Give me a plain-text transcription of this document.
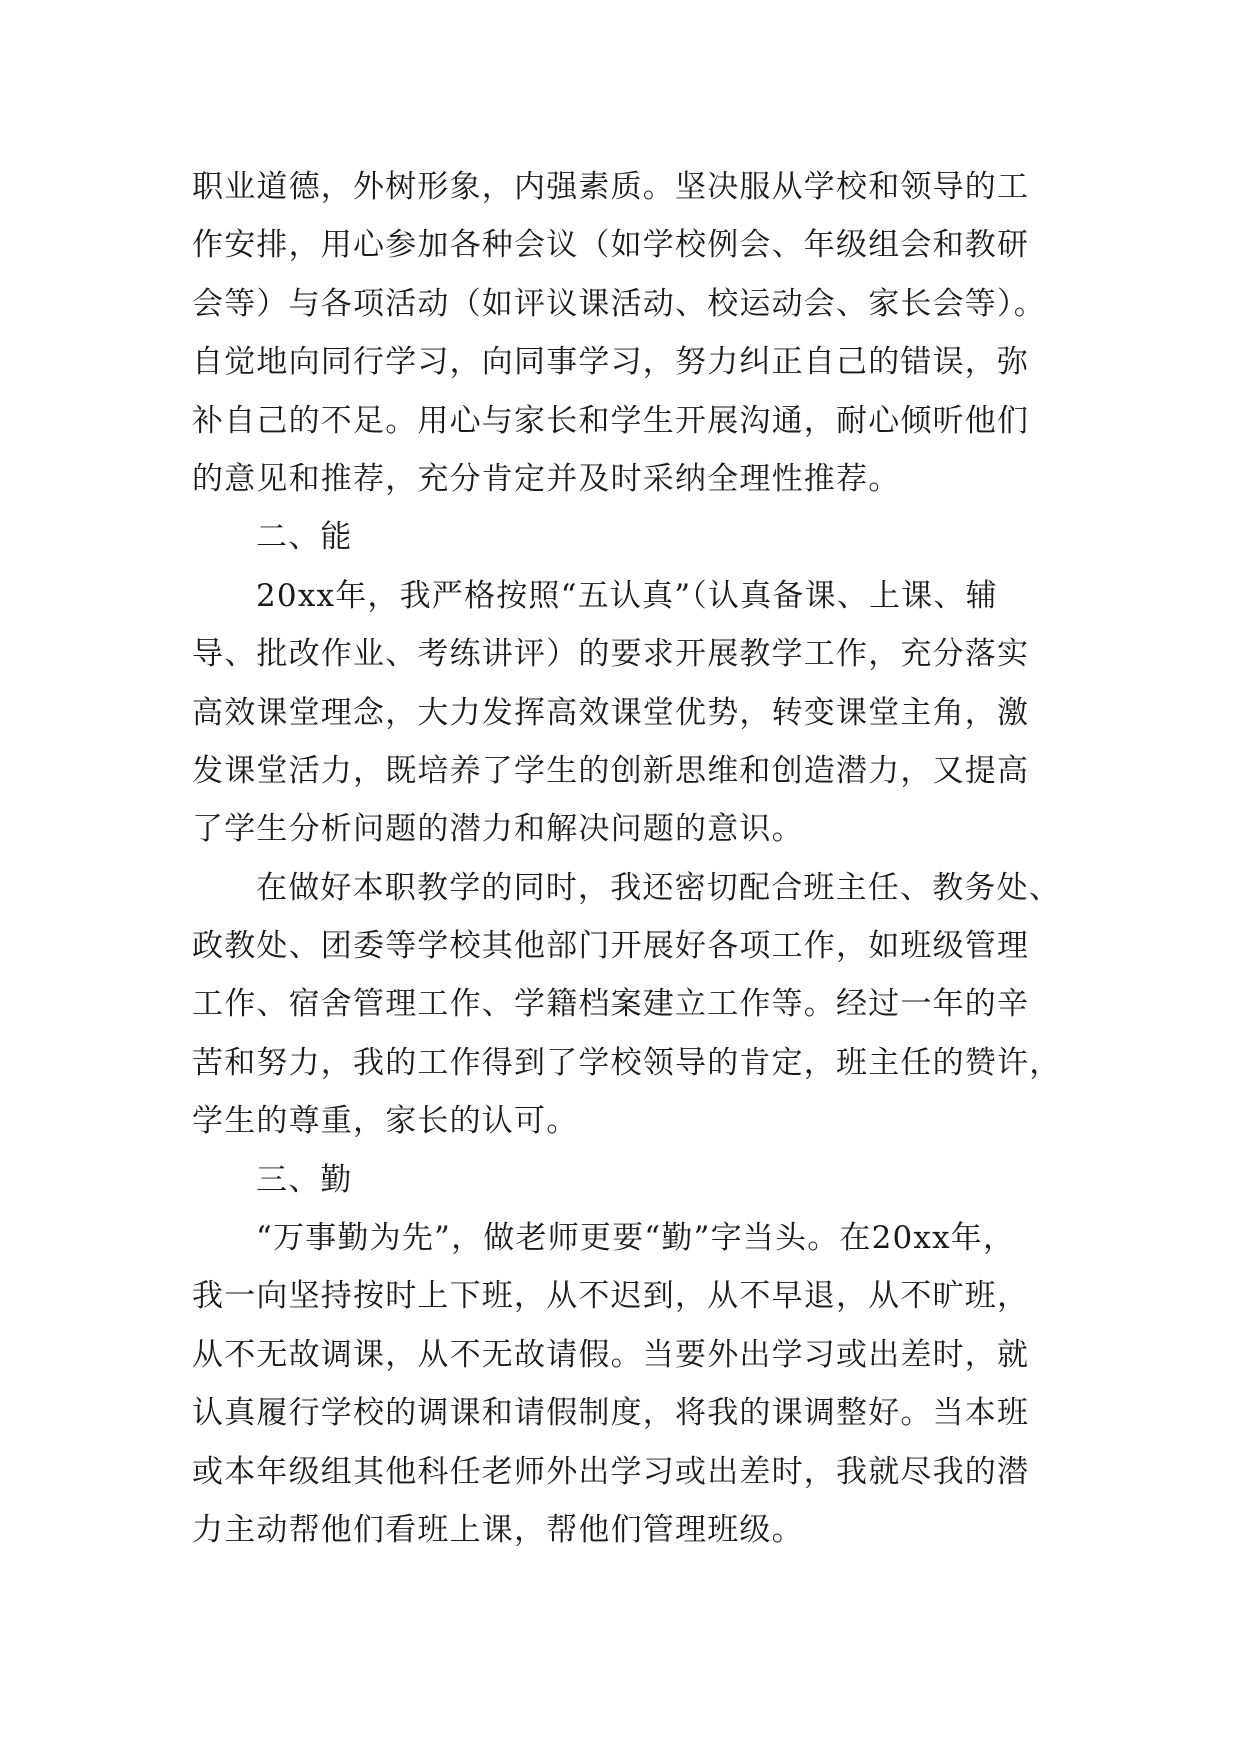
职业道德，外树形象，内强素质。坚决服从学校和领导的工
作安排，用心参加各种会议（如学校例会、年级组会和教研
会等）与各项活动（如评议课活动、校运动会、家长会等）。
自觉地向同行学习，向同事学习，努力纠正自己的错误，弥
补自己的不足。用心与家长和学生开展沟通，耐心倾听他们
的意见和推荐，充分肯定并及时采纳全理性推荐。
二、能
20xx年，我严格按照“五认真”（认真备课、上课、辅
导、批改作业、考练讲评）的要求开展教学工作，充分落实
高效课堂理念，大力发挥高效课堂优势，转变课堂主角，激
发课堂活力，既培养了学生的创新思维和创造潜力，又提高
了学生分析问题的潜力和解决问题的意识。
在做好本职教学的同时，我还密切配合班主任、教务处、
政教处、团委等学校其他部门开展好各项工作，如班级管理
工作、宿舍管理工作、学籍档案建立工作等。经过一年的辛
苦和努力，我的工作得到了学校领导的肯定，班主任的赞许，
学生的尊重，家长的认可。
三、勤
“万事勤为先”，做老师更要“勤”字当头。在20xx年，
我一向坚持按时上下班，从不迟到，从不早退，从不旷班，
从不无故调课，从不无故请假。当要外出学习或出差时，就
认真履行学校的调课和请假制度，将我的课调整好。当本班
或本年级组其他科任老师外出学习或出差时，我就尽我的潜
力主动帮他们看班上课，帮他们管理班级。
